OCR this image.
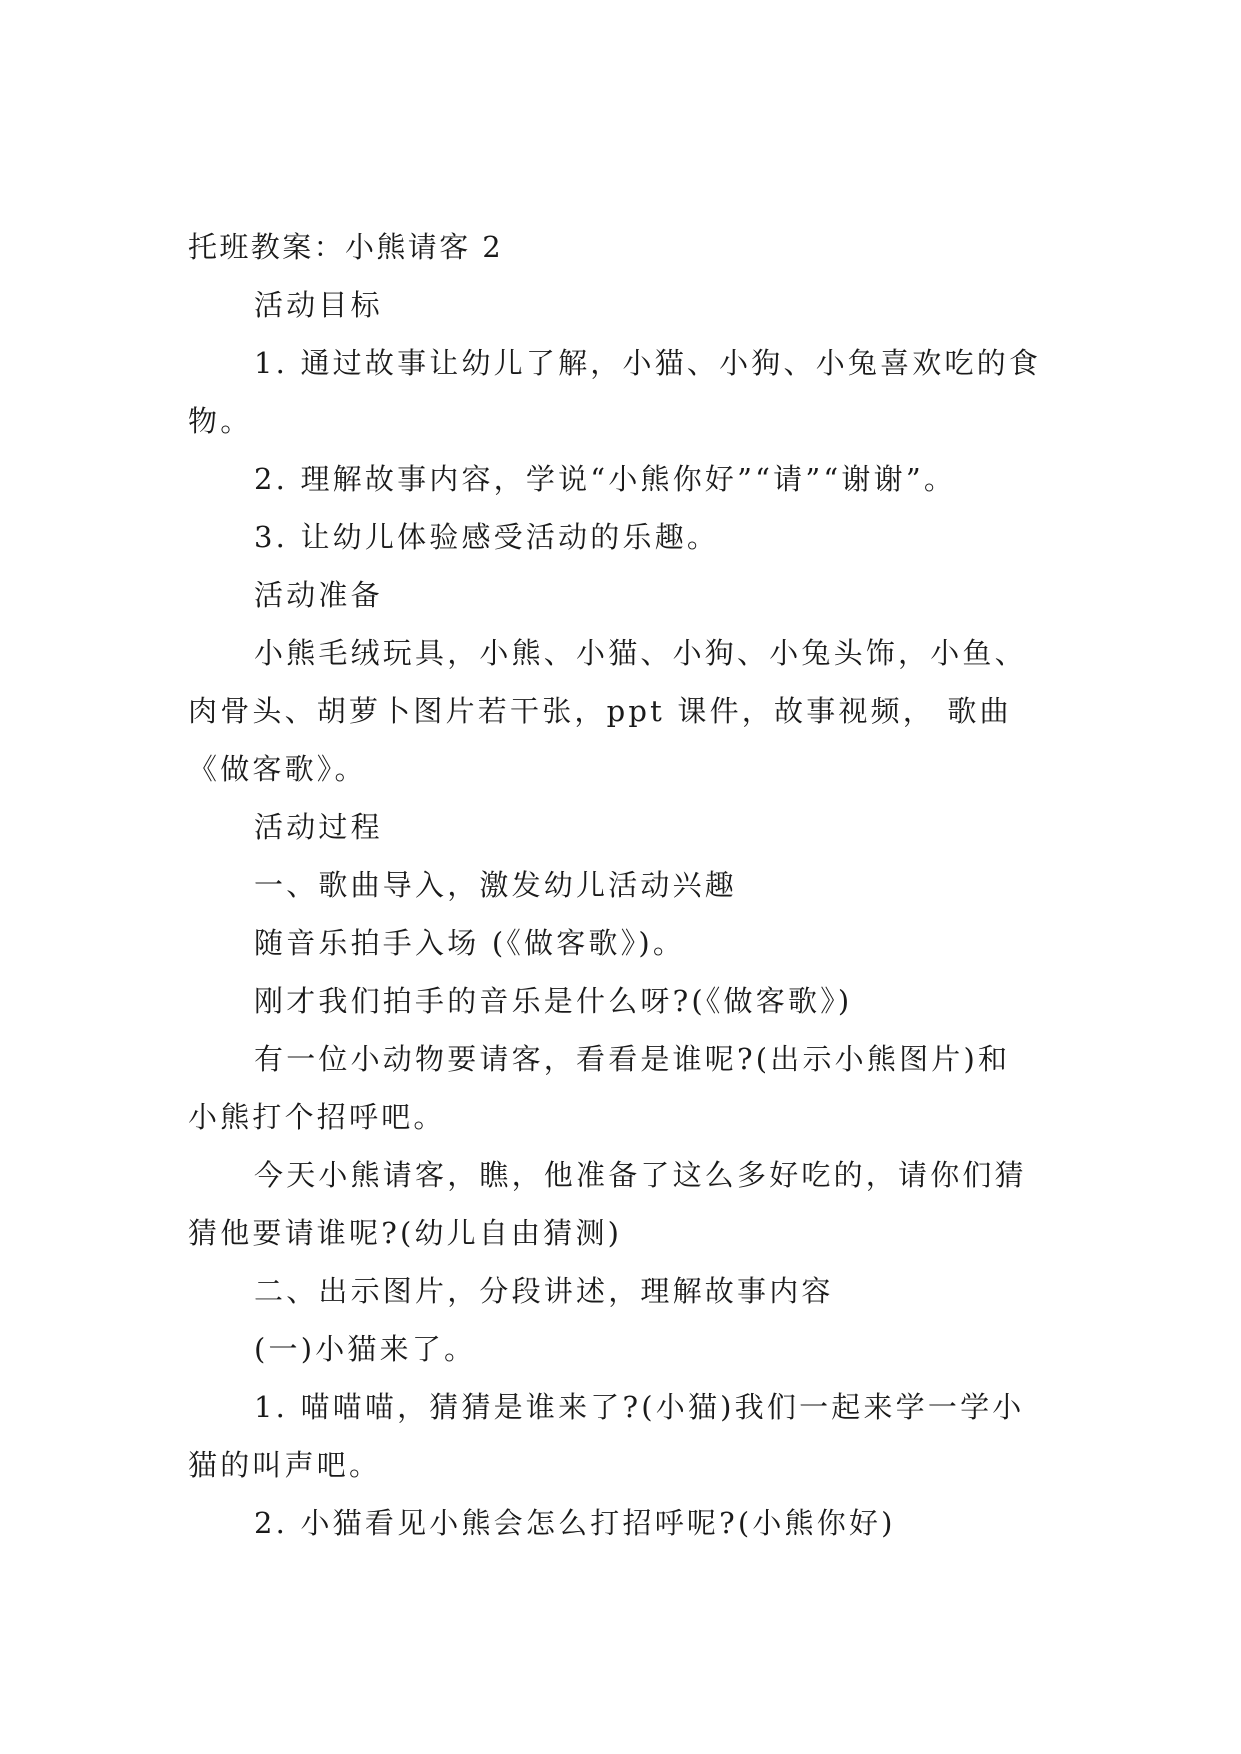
托班教案：小熊请客 2

活动目标

1. 通过故事让幼儿了解，小猫、小狗、小兔喜欢吃的食

物。

2. 理解故事内容，学说“小熊你好”“请”“谢谢”。

3. 让幼儿体验感受活动的乐趣。

活动准备

小熊毛绒玩具，小熊、小猫、小狗、小兔头饰，小鱼、

肉骨头、胡萝卜图片若干张，ppt 课件，故事视频， 歌曲

《做客歌》。

活动过程

一、歌曲导入，激发幼儿活动兴趣

随音乐拍手入场 (《做客歌》)。

刚才我们拍手的音乐是什么呀?(《做客歌》)

有一位小动物要请客，看看是谁呢?(出示小熊图片)和

小熊打个招呼吧。

今天小熊请客，瞧，他准备了这么多好吃的，请你们猜

猜他要请谁呢?(幼儿自由猜测)

二、出示图片，分段讲述，理解故事内容

(一)小猫来了。

1. 喵喵喵，猜猜是谁来了?(小猫)我们一起来学一学小

猫的叫声吧。

2. 小猫看见小熊会怎么打招呼呢?(小熊你好)
